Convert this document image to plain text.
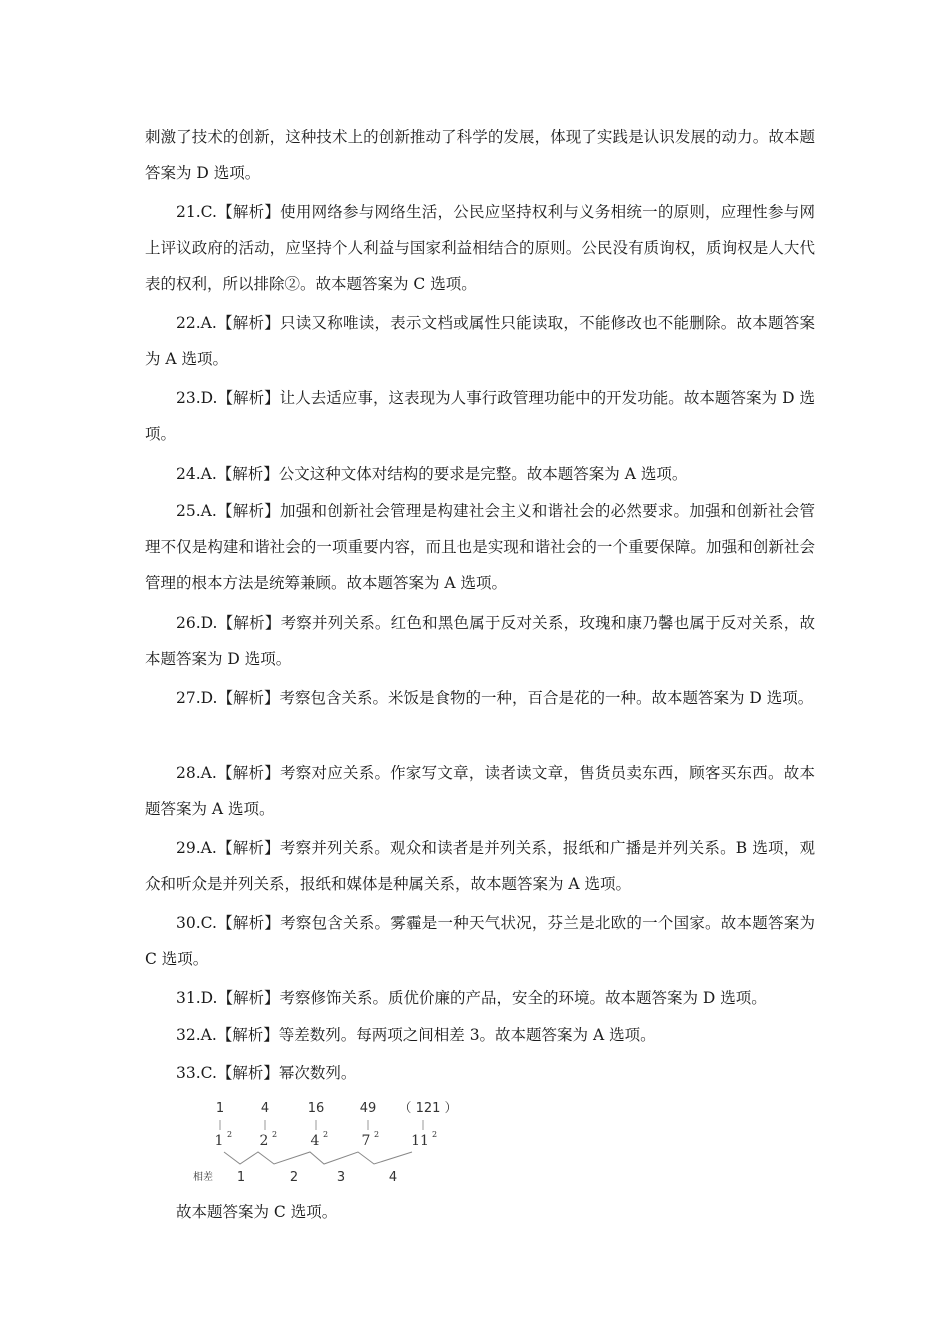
刺激了技术的创新，这种技术上的创新推动了科学的发展，体现了实践是认识发展的动力。故本题答案为 D 选项。

21.C.【解析】使用网络参与网络生活，公民应坚持权利与义务相统一的原则，应理性参与网上评议政府的活动，应坚持个人利益与国家利益相结合的原则。公民没有质询权，质询权是人大代表的权利，所以排除②。故本题答案为 C 选项。

22.A.【解析】只读又称唯读，表示文档或属性只能读取，不能修改也不能删除。故本题答案为 A 选项。

23.D.【解析】让人去适应事，这表现为人事行政管理功能中的开发功能。故本题答案为 D 选项。

24.A.【解析】公文这种文体对结构的要求是完整。故本题答案为 A 选项。

25.A.【解析】加强和创新社会管理是构建社会主义和谐社会的必然要求。加强和创新社会管理不仅是构建和谐社会的一项重要内容，而且也是实现和谐社会的一个重要保障。加强和创新社会管理的根本方法是统筹兼顾。故本题答案为 A 选项。

26.D.【解析】考察并列关系。红色和黑色属于反对关系，玫瑰和康乃馨也属于反对关系，故本题答案为 D 选项。

27.D.【解析】考察包含关系。米饭是食物的一种，百合是花的一种。故本题答案为 D 选项。

28.A.【解析】考察对应关系。作家写文章，读者读文章，售货员卖东西，顾客买东西。故本题答案为 A 选项。

29.A.【解析】考察并列关系。观众和读者是并列关系，报纸和广播是并列关系。B 选项，观众和听众是并列关系，报纸和媒体是种属关系，故本题答案为 A 选项。

30.C.【解析】考察包含关系。雾霾是一种天气状况，芬兰是北欧的一个国家。故本题答案为 C 选项。

31.D.【解析】考察修饰关系。质优价廉的产品，安全的环境。故本题答案为 D 选项。

32.A.【解析】等差数列。每两项之间相差 3。故本题答案为 A 选项。

33.C.【解析】幂次数列。

1	4	16	49 （ 121 ）
1 2 2 2 4 2 7 2 11 2
相差 1	2	3	4

故本题答案为 C 选项。
